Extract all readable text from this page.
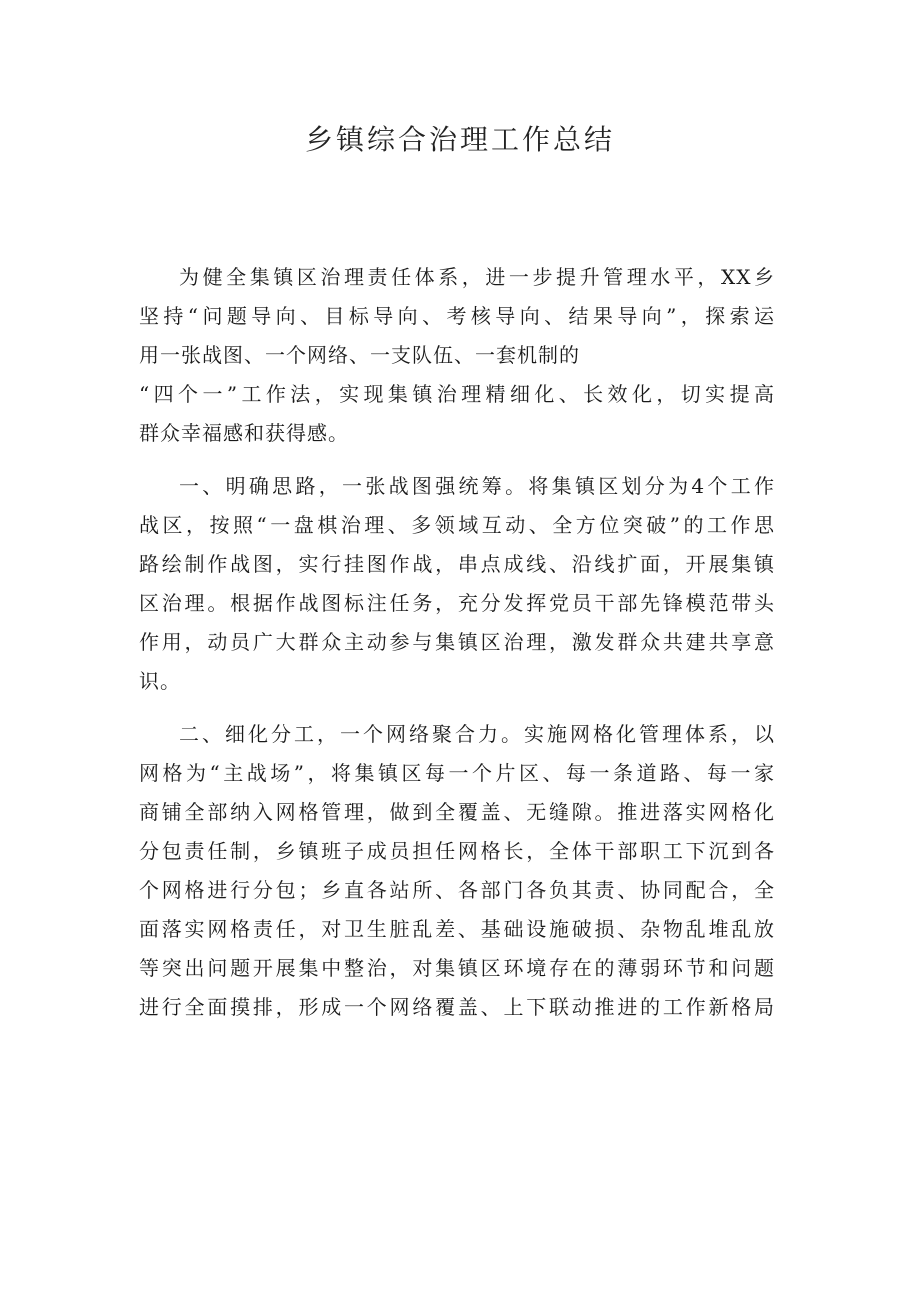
乡镇综合治理工作总结
为健全集镇区治理责任体系，进一步提升管理水平，XX乡
坚持“问题导向、目标导向、考核导向、结果导向”，探索运
用一张战图、一个网络、一支队伍、一套机制的
“四个一”工作法，实现集镇治理精细化、长效化，切实提高
群众幸福感和获得感。
一、明确思路，一张战图强统筹。将集镇区划分为4个工作
战区，按照“一盘棋治理、多领域互动、全方位突破”的工作思
路绘制作战图，实行挂图作战，串点成线、沿线扩面，开展集镇
区治理。根据作战图标注任务，充分发挥党员干部先锋模范带头
作用，动员广大群众主动参与集镇区治理，激发群众共建共享意
识。
二、细化分工，一个网络聚合力。实施网格化管理体系，以
网格为“主战场”，将集镇区每一个片区、每一条道路、每一家
商铺全部纳入网格管理，做到全覆盖、无缝隙。推进落实网格化
分包责任制，乡镇班子成员担任网格长，全体干部职工下沉到各
个网格进行分包；乡直各站所、各部门各负其责、协同配合，全
面落实网格责任，对卫生脏乱差、基础设施破损、杂物乱堆乱放
等突出问题开展集中整治，对集镇区环境存在的薄弱环节和问题
进行全面摸排，形成一个网络覆盖、上下联动推进的工作新格局
